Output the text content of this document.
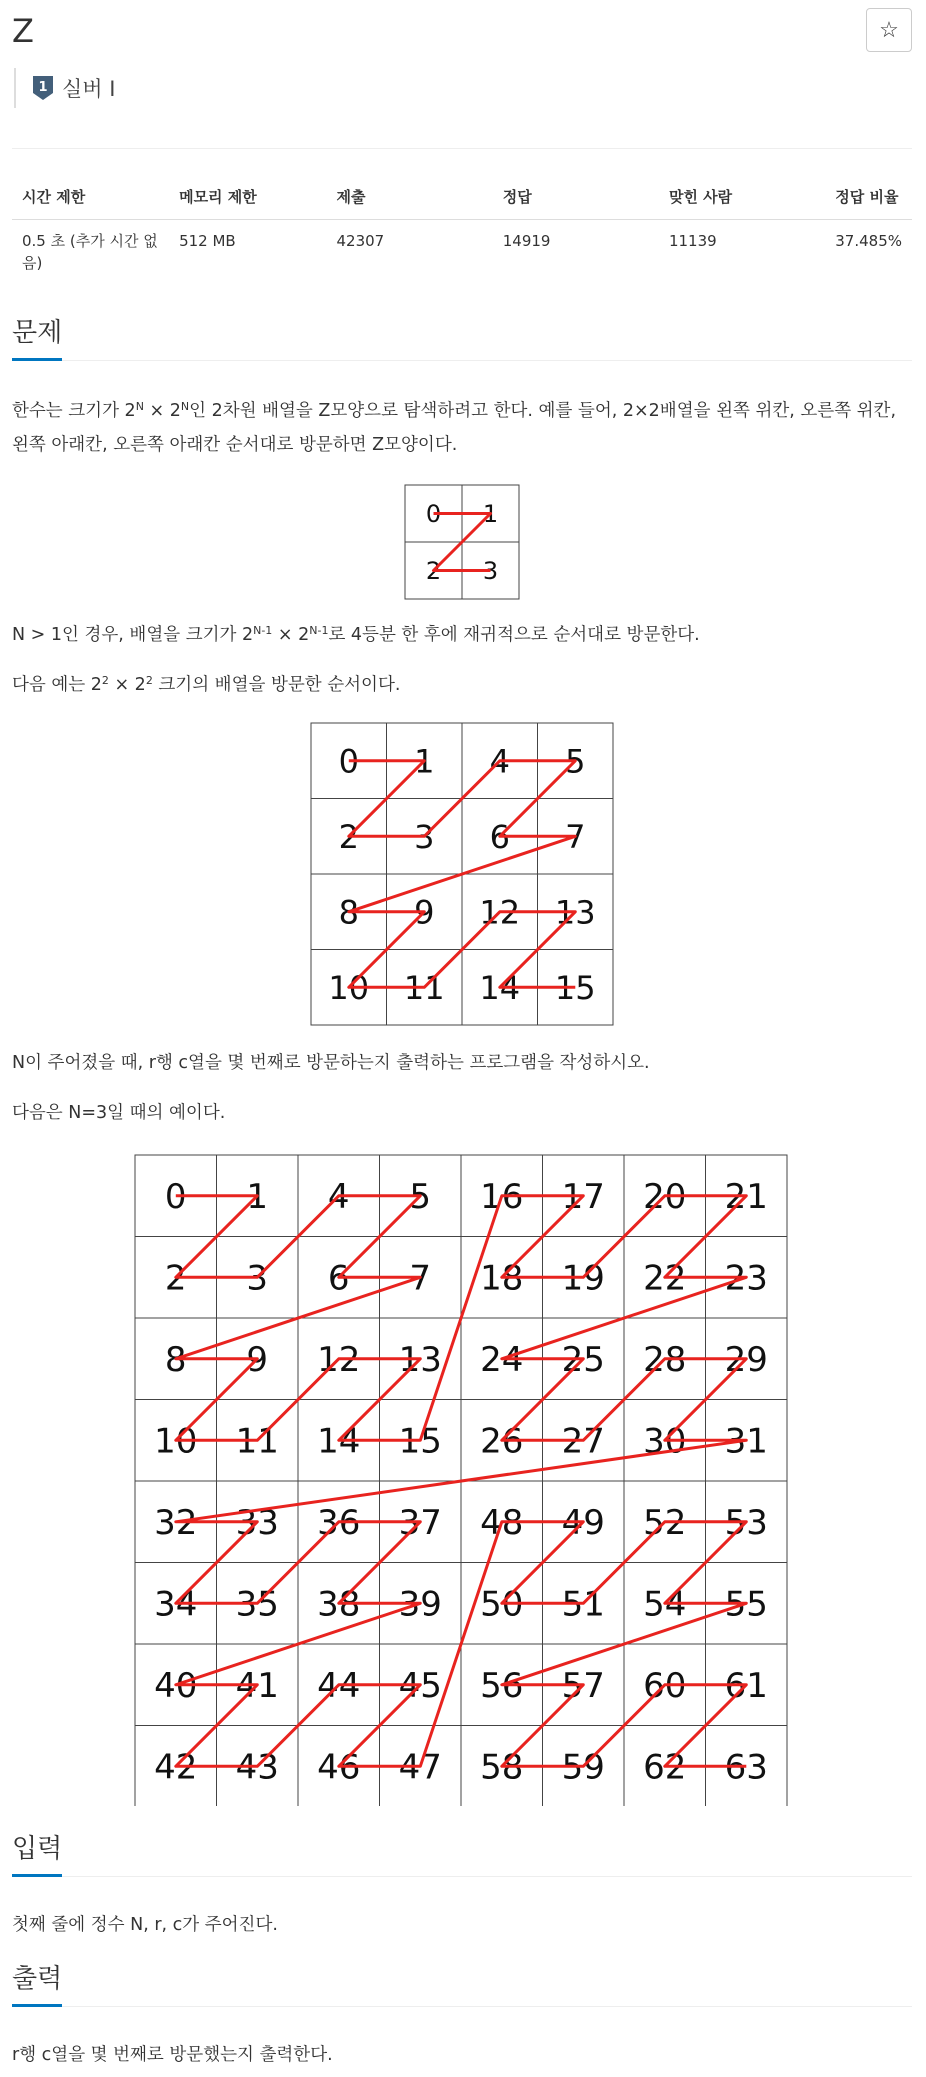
Z	☆
1 실버 I
시간 제한	메모리 제한	제출	정답	맞힌 사람	정답 비율
0.5 초 (추가 시간 없음)	512 MB	42307	14919	11139	37.485%
문제
한수는 크기가 $2^N \times 2^N$인 2차원 배열을 Z모양으로 탐색하려고 한다. 예를 들어, 2×2배열을 왼쪽 위칸, 오른쪽 위칸, 왼쪽 아래칸, 오른쪽 아래칸 순서대로 방문하면 Z모양이다.
0 1
2 3
N > 1인 경우, 배열을 크기가 $2^{N-1} \times 2^{N-1}$로 4등분 한 후에 재귀적으로 순서대로 방문한다.
다음 예는 $2^2 \times 2^2$ 크기의 배열을 방문한 순서이다.
0 1 4 5
2 3 6 7
8 9 12 13
10 11 14 15
N이 주어졌을 때, r행 c열을 몇 번째로 방문하는지 출력하는 프로그램을 작성하시오.
다음은 N=3일 때의 예이다.
0 1 4 5 16 17 20 21
2 3 6 7 18 19 22 23
8 9 12 13 24 25 28 29
10 11 14 15 26 27 30 31
32 33 36 37 48 49 52 53
34 35 38 39 50 51 54 55
40 41 44 45 56 57 60 61
42 43 46 47 58 59 62 63
입력
첫째 줄에 정수 N, r, c가 주어진다.
출력
r행 c열을 몇 번째로 방문했는지 출력한다.
